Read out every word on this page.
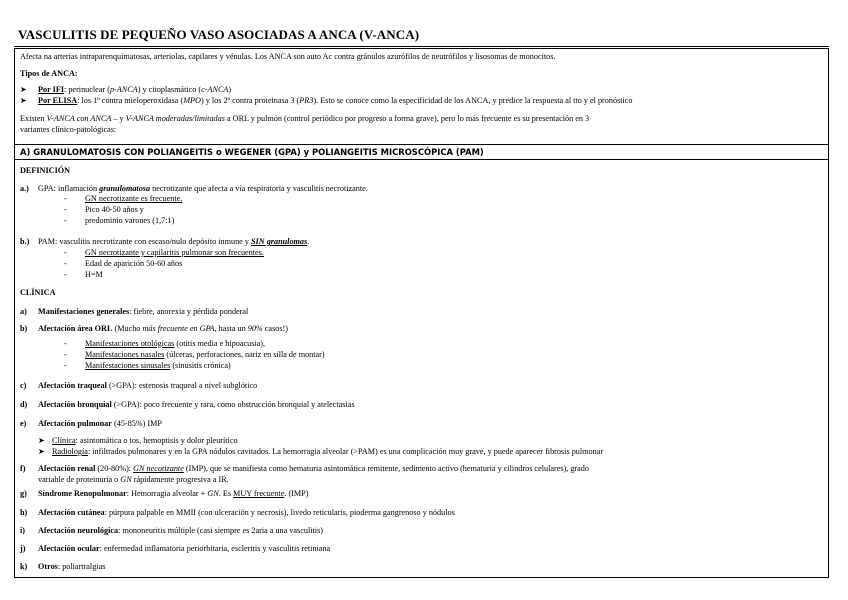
VASCULITIS DE PEQUEÑO VASO ASOCIADAS A ANCA (V-ANCA)
Afecta na arterias intraparenquimatosas, arteriolas, capilares y vénulas. Los ANCA son auto Ac contra gránulos azurófilos de neutrófilos y lisosomas de monocitos.
Tipos de ANCA:
➤ Por IFI: perinuclear (p-ANCA) y citoplasmático (c-ANCA)
➤ Por ELISA: los 1º contra mieloperoxidasa (MPO) y los 2º contra proteinasa 3 (PR3). Esto se conoce como la especificidad de los ANCA, y predice la respuesta al tto y el pronóstico
Existen V-ANCA con ANCA – y V-ANCA moderadas/limitadas a ORL y pulmón (control periódico por progreso a forma grave), pero lo más frecuente es su presentación en 3
variantes clínico-patológicas:
A) GRANULOMATOSIS CON POLIANGEITIS o WEGENER (GPA) y POLIANGEITIS MICROSCÓPICA (PAM)
DEFINICIÓN
a.) GPA: inflamación granulomatosa necrotizante que afecta a vía respiratoria y vasculitis necrotizante.
- GN necrotizante es frecuente.
- Pico 40-50 años y
- predominio varones (1,7:1)
b.) PAM: vasculitis necrotizante con escaso/nulo depósito inmune y SIN granulomas.
- GN necrotizante y capilaritis pulmonar son frecuentes.
- Edad de aparición 50-60 años
- H=M
CLÍNICA
a) Manifestaciones generales: fiebre, anorexia y pérdida ponderal
b) Afectación área ORL (Mucho más frecuente en GPA, hasta un 90% casos!)
- Manifestaciones otológicas (otitis media e hipoacusia),
- Manifestaciones nasales (úlceras, perforaciones, nariz en silla de montar)
- Manifestaciones sinusales (sinusitis crónica)
c) Afectación traqueal (>GPA): estenosis traqueal a nivel subglótico
d) Afectación bronquial (>GPA): poco frecuente y rara, como obstrucción bronquial y atelectasias
e) Afectación pulmonar (45-85%) IMP
➤ Clínica: asintomática o tos, hemoptisis y dolor pleurítico
➤ Radiología: infiltrados pulmonares y en la GPA nódulos cavitados. La hemorragia alveolar (>PAM) es una complicación muy grave, y puede aparecer fibrosis pulmonar
f) Afectación renal (20-80%): GN necotizante (IMP), que se manifiesta como hematuria asintomática remitente, sedimento activo (hematuria y cilindros celulares), grado
variable de proteinuria o GN rápidamente progresiva a IR.
g) Síndrome Renopulmonar: Hemorragia alveolar + GN. Es MUY frecuente. (IMP)
h) Afectación cutánea: púrpura palpable en MMII (con ulceración y necrosis), livedo reticularis, pioderma gangrenoso y nódulos
i) Afectación neurológica: mononeuritis múltiple (casi siempre es 2aria a una vasculitis)
j) Afectación ocular: enfermedad inflamatoria periorbitaria, escleritis y vasculitis retiniana
k) Otros: poliartralgias
